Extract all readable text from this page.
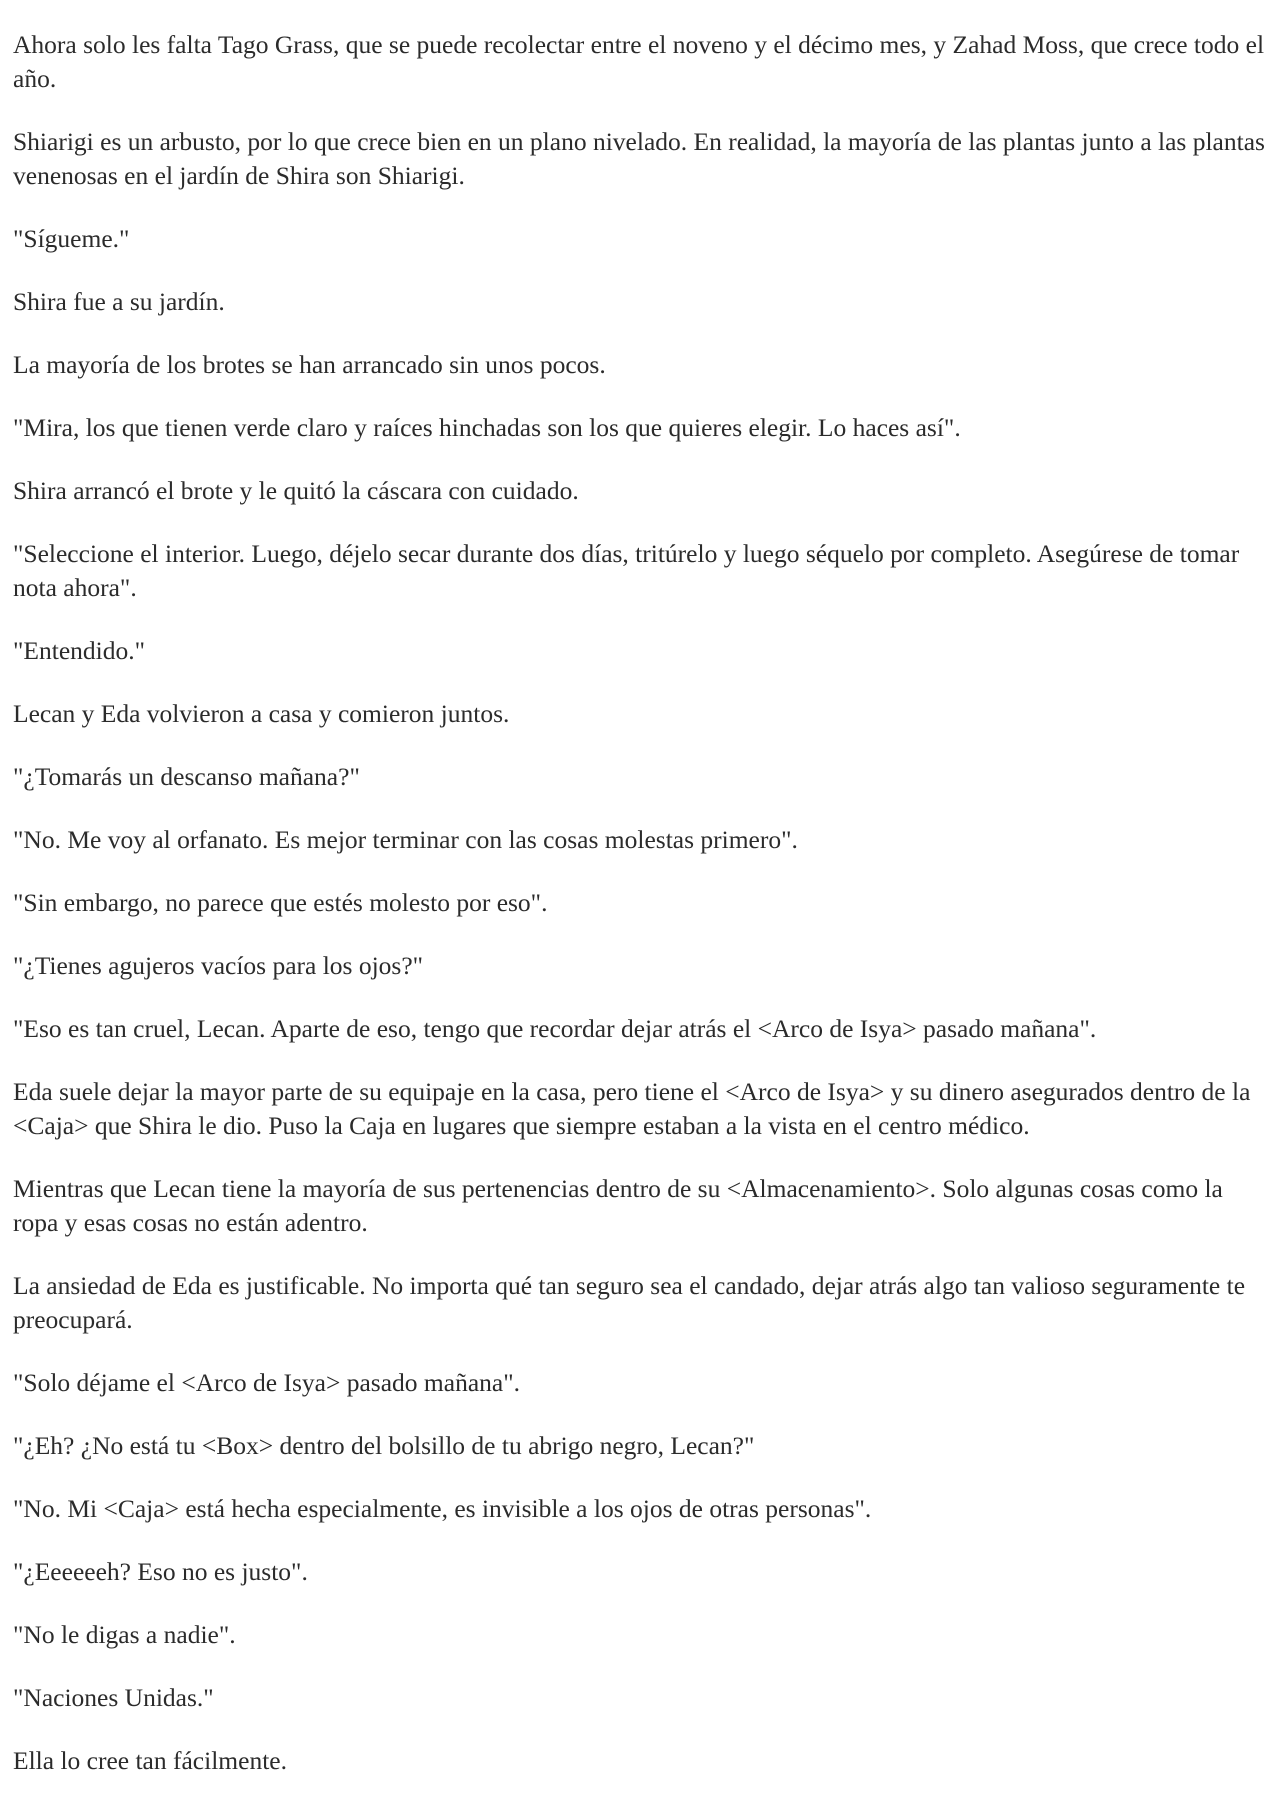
Ahora solo les falta Tago Grass, que se puede recolectar entre el noveno y el décimo mes, y Zahad Moss, que crece todo el año.

Shiarigi es un arbusto, por lo que crece bien en un plano nivelado. En realidad, la mayoría de las plantas junto a las plantas venenosas en el jardín de Shira son Shiarigi.

"Sígueme."

Shira fue a su jardín.

La mayoría de los brotes se han arrancado sin unos pocos.

"Mira, los que tienen verde claro y raíces hinchadas son los que quieres elegir. Lo haces así".

Shira arrancó el brote y le quitó la cáscara con cuidado.

"Seleccione el interior. Luego, déjelo secar durante dos días, tritúrelo y luego séquelo por completo. Asegúrese de tomar nota ahora".

"Entendido."

Lecan y Eda volvieron a casa y comieron juntos.

"¿Tomarás un descanso mañana?"

"No. Me voy al orfanato. Es mejor terminar con las cosas molestas primero".

"Sin embargo, no parece que estés molesto por eso".

"¿Tienes agujeros vacíos para los ojos?"

"Eso es tan cruel, Lecan. Aparte de eso, tengo que recordar dejar atrás el <Arco de Isya> pasado mañana".

Eda suele dejar la mayor parte de su equipaje en la casa, pero tiene el <Arco de Isya> y su dinero asegurados dentro de la <Caja> que Shira le dio. Puso la Caja en lugares que siempre estaban a la vista en el centro médico.

Mientras que Lecan tiene la mayoría de sus pertenencias dentro de su <Almacenamiento>. Solo algunas cosas como la ropa y esas cosas no están adentro.

La ansiedad de Eda es justificable. No importa qué tan seguro sea el candado, dejar atrás algo tan valioso seguramente te preocupará.

"Solo déjame el <Arco de Isya> pasado mañana".

"¿Eh? ¿No está tu <Box> dentro del bolsillo de tu abrigo negro, Lecan?"

"No. Mi <Caja> está hecha especialmente, es invisible a los ojos de otras personas".

"¿Eeeeeeh? Eso no es justo".

"No le digas a nadie".

"Naciones Unidas."

Ella lo cree tan fácilmente.
